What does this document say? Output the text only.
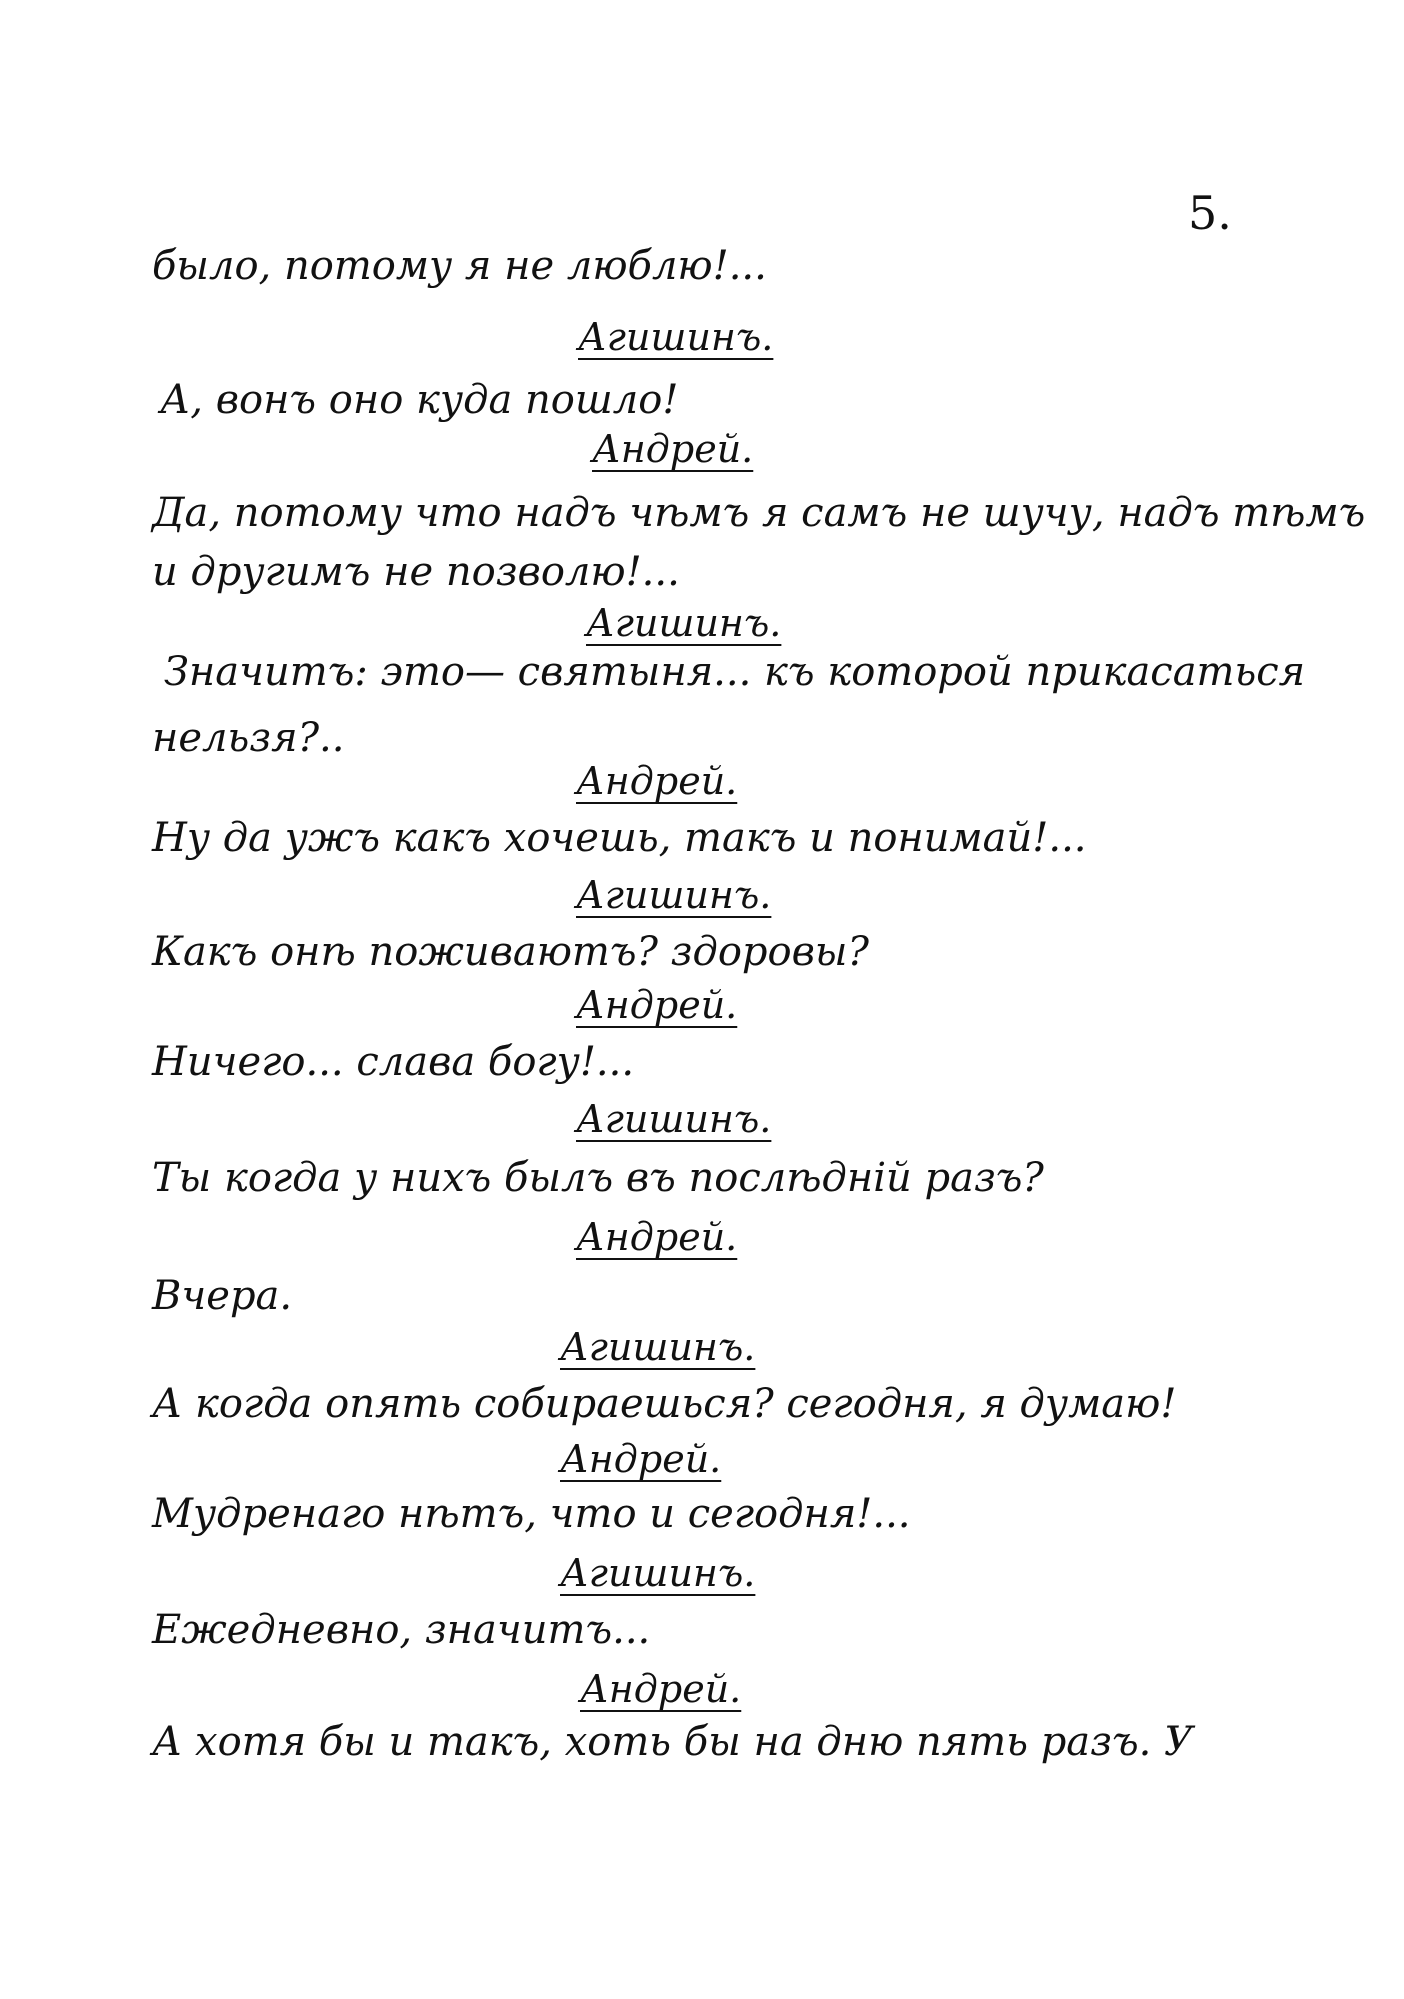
5.
было, потому я не люблю!...
Агишинъ.
А, вонъ оно куда пошло!
Андрей.
Да, потому что надъ чѣмъ я самъ не шучу, надъ тѣмъ
и другимъ не позволю!...
Агишинъ.
Значитъ: это— святыня... къ которой прикасаться
нельзя?..
Андрей.
Ну да ужъ какъ хочешь, такъ и понимай!...
Агишинъ.
Какъ онѣ поживаютъ? здоровы?
Андрей.
Ничего... слава богу!...
Агишинъ.
Ты когда у нихъ былъ въ послѣдній разъ?
Андрей.
Вчера.
Агишинъ.
А когда опять собираешься? сегодня, я думаю!
Андрей.
Мудренаго нѣтъ, что и сегодня!...
Агишинъ.
Ежедневно, значитъ...
Андрей.
А хотя бы и такъ, хоть бы на дню пять разъ. У
